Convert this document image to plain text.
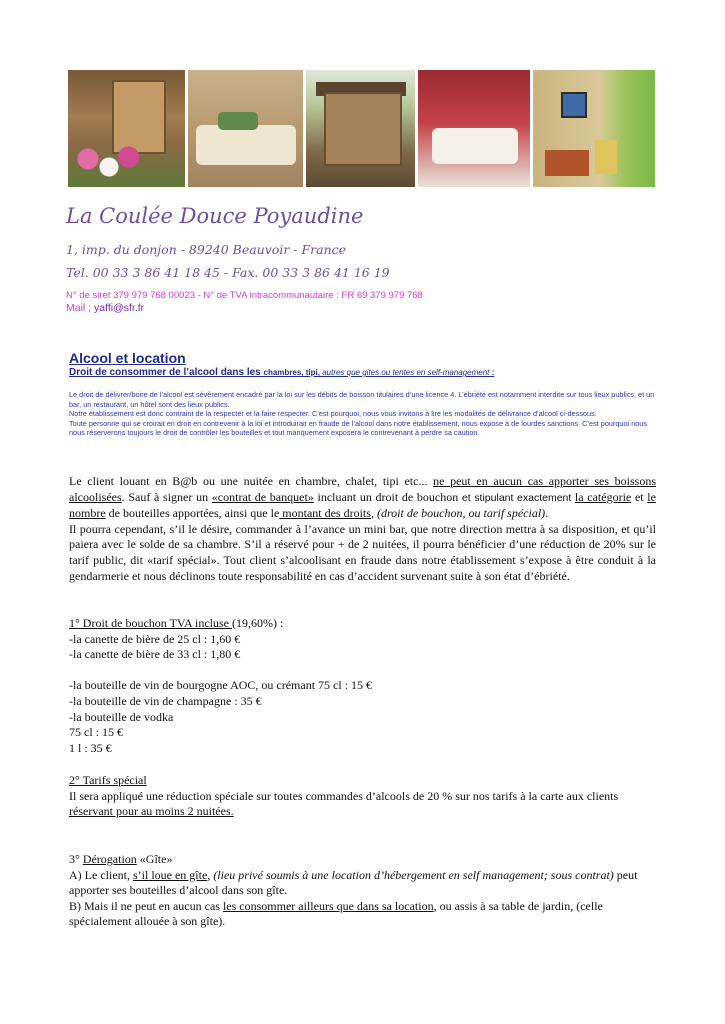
La Coulée Douce Poyaudine
1, imp. du donjon - 89240 Beauvoir - France
Tel. 00 33 3 86 41 18 45 - Fax. 00 33 3 86 41 16 19
N° de siret 379 979 768 00023 - N° de TVA intracommunautaire : FR 69 379 979 768
Mail ; yaffi@sfr.fr
Alcool et location
Droit de consommer de l’alcool dans les chambres, tipi, autres que gites ou tentes en self-management :

Le droit de délivrer/boire de l’alcool est sévèrement encadré par la loi sur les débits de boisson titulaires d’une licence 4. L’ébriété est notamment interdite sur tous lieux publics, et un bar, un restaurant, un hôtel sont des lieux publics.

Notre établissement est donc contraint de la respecter et la faire respecter. C’est pourquoi, nous vous invitons à lire les modalités de délivrance d’alcool ci-dessous.

Toute personne qui se croirait en droit en contrevenir à la loi et introduirait en fraude de l’alcool dans notre établissement, nous expose à de lourdes sanctions. C’est pourquoi nous nous réserverons toujours le droit de contrôler les bouteilles et tout manquement exposera le contrevenant à perdre sa caution.

Le client louant en B@b ou une nuitée en chambre, chalet, tipi etc... ne peut en aucun cas apporter ses boissons alcoolisées. Sauf à signer un «contrat de banquet» incluant un droit de bouchon et stipulant exactement la catégorie et le nombre de bouteilles apportées, ainsi que le montant des droits, (droit de bouchon, ou tarif spécial).

Il pourra cependant, s’il le désire, commander à l’avance un mini bar, que notre direction mettra à sa disposition, et qu’il paiera avec le solde de sa chambre. S’il a réservé pour + de 2 nuitées, il pourra bénéficier d’une réduction de 20% sur le tarif public, dit «tarif spécial». Tout client s’alcoolisant en fraude dans notre établissement s’expose à être conduit à la gendarmerie et nous déclinons toute responsabilité en cas d’accident survenant suite à son état d’ébriété.

1° Droit de bouchon TVA incluse (19,60%) :

-la canette de bière de 25 cl : 1,60 €

-la canette de bière de 33 cl : 1,80 €

-la bouteille de vin de bourgogne AOC, ou crémant 75 cl : 15 €

-la bouteille de vin de champagne : 35 €

-la bouteille de vodka

75 cl : 15 €

1 l : 35 €

2° Tarifs spécial

Il sera appliqué une réduction spéciale sur toutes commandes d’alcools de 20 % sur nos tarifs à la carte aux clients

réservant pour au moins 2 nuitées.

3° Dérogation «Gîte»

A) Le client, s’il loue en gîte, (lieu privé soumis à une location d’hébergement en self management; sous contrat) peut apporter ses bouteilles d’alcool dans son gîte.

B) Mais il ne peut en aucun cas les consommer ailleurs que dans sa location, ou assis à sa table de jardin, (celle spécialement allouée à son gîte).
